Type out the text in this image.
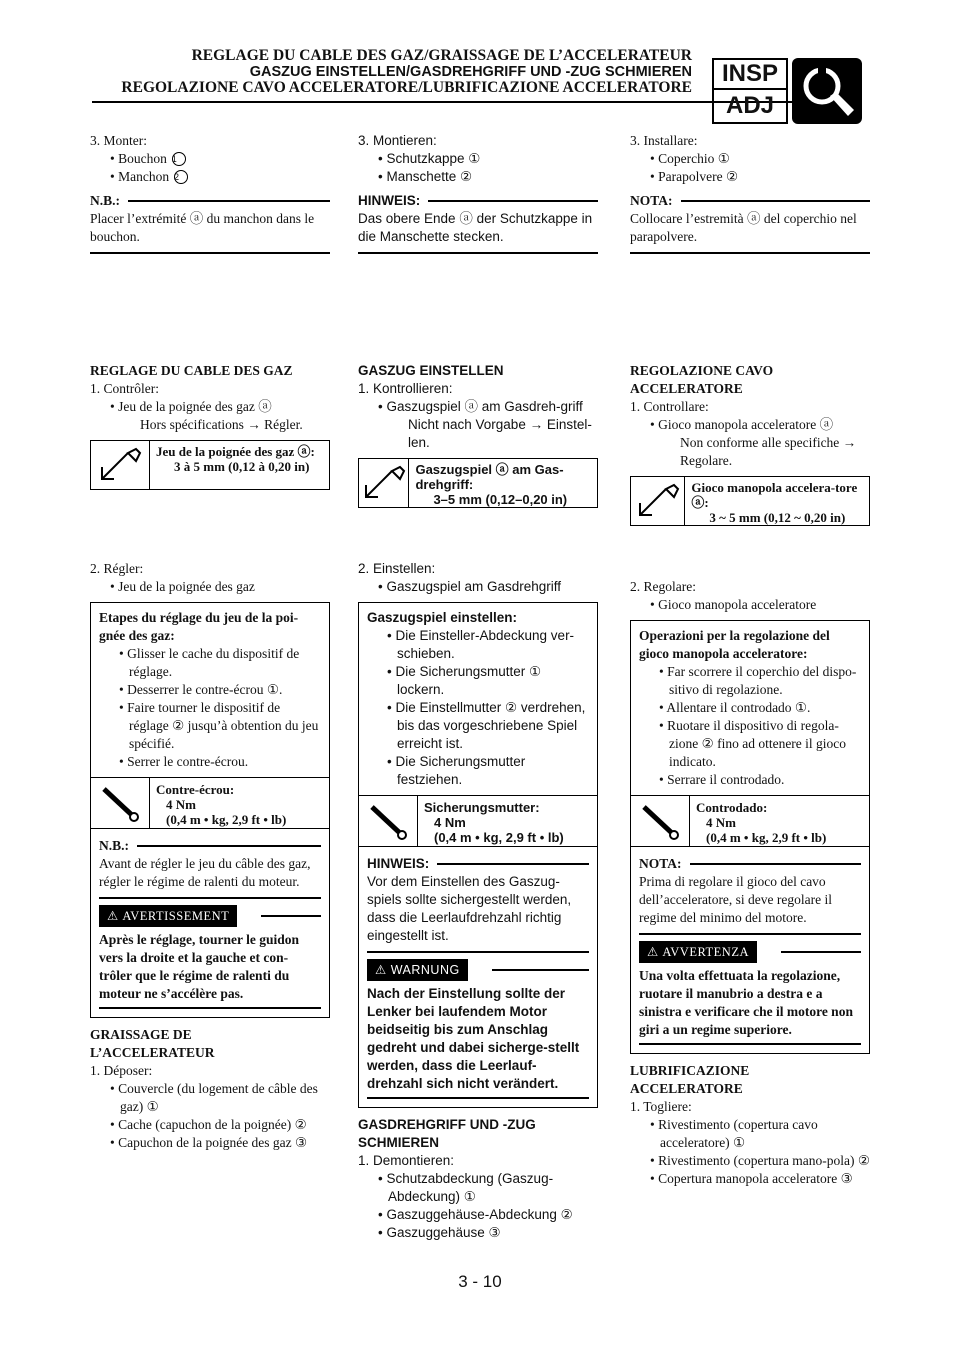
REGLAGE DU CABLE DES GAZ/GRAISSAGE DE L’ACCELERATEUR
GASZUG EINSTELLEN/GASDREHGRIFF UND -ZUG SCHMIEREN
REGOLAZIONE CAVO ACCELERATORE/LUBRIFICAZIONE ACCELERATORE
INSP
ADJ

3. Monter:

• Bouchon 1

• Manchon 2

N.B.:
Placer l’extrémité ⓐ du manchon dans le bouchon.
REGLAGE DU CABLE DES GAZ

1. Contrôler:

• Jeu de la poignée des gaz ⓐ

Hors spécifications → Régler.

Jeu de la poignée des gaz ⓐ:
3 à 5 mm (0,12 à 0,20 in)

2. Régler:

• Jeu de la poignée des gaz

Etapes du réglage du jeu de la poi-gnée des gaz:

• Glisser le cache du dispositif de réglage.

• Desserrer le contre-écrou ①.

• Faire tourner le dispositif de réglage ② jusqu’à obtention du jeu spécifié.

• Serrer le contre-écrou.

Contre-écrou:
4 Nm
(0,4 m • kg, 2,9 ft • lb)
N.B.:
Avant de régler le jeu du câble des gaz, régler le régime de ralenti du moteur.
⚠ AVERTISSEMENT
Après le réglage, tourner le guidon vers la droite et la gauche et con-trôler que le régime de ralenti du moteur ne s’accélère pas.
GRAISSAGE DE
L’ACCELERATEUR

1. Déposer:

• Couvercle (du logement de câble des gaz) ①

• Cache (capuchon de la poignée) ②

• Capuchon de la poignée des gaz ③

3. Montieren:

• Schutzkappe ①

• Manschette ②

HINWEIS:
Das obere Ende ⓐ der Schutzkappe in die Manschette stecken.
GASZUG EINSTELLEN

1. Kontrollieren:

• Gaszugspiel ⓐ am Gasdreh-griff

Nicht nach Vorgabe → Einstel-len.

Gaszugspiel ⓐ am Gas-drehgriff:
3–5 mm (0,12–0,20 in)

2. Einstellen:

• Gaszugspiel am Gasdrehgriff

Gaszugspiel einstellen:

• Die Einsteller-Abdeckung ver-schieben.

• Die Sicherungsmutter ① lockern.

• Die Einstellmutter ② verdrehen, bis das vorgeschriebene Spiel erreicht ist.

• Die Sicherungsmutter festziehen.

Sicherungsmutter:
4 Nm
(0,4 m • kg, 2,9 ft • lb)
HINWEIS:
Vor dem Einstellen des Gaszug-spiels sollte sichergestellt werden, dass die Leerlaufdrehzahl richtig eingestellt ist.
⚠ WARNUNG
Nach der Einstellung sollte der Lenker bei laufendem Motor beidseitig bis zum Anschlag gedreht und dabei sicherge-stellt werden, dass die Leerlauf-drehzahl sich nicht verändert.
GASDREHGRIFF UND -ZUG
SCHMIEREN

1. Demontieren:

• Schutzabdeckung (Gaszug-Abdeckung) ①

• Gaszuggehäuse-Abdeckung ②

• Gaszuggehäuse ③

3. Installare:

• Coperchio ①

• Parapolvere ②

NOTA:
Collocare l’estremità ⓐ del coperchio nel parapolvere.
REGOLAZIONE CAVO
ACCELERATORE

1. Controllare:

• Gioco manopola acceleratore ⓐ

Non conforme alle specifiche → Regolare.

Gioco manopola accelera-tore ⓐ:
3 ~ 5 mm (0,12 ~ 0,20 in)

2. Regolare:

• Gioco manopola acceleratore

Operazioni per la regolazione del gioco manopola acceleratore:

• Far scorrere il coperchio del dispo-sitivo di regolazione.

• Allentare il controdado ①.

• Ruotare il dispositivo di regola-zione ② fino ad ottenere il gioco indicato.

• Serrare il controdado.

Controdado:
4 Nm
(0,4 m • kg, 2,9 ft • lb)
NOTA:
Prima di regolare il gioco del cavo dell’acceleratore, si deve regolare il regime del minimo del motore.
⚠ AVVERTENZA
Una volta effettuata la regolazione, ruotare il manubrio a destra e a sinistra e verificare che il motore non giri a un regime superiore.
LUBRIFICAZIONE
ACCELERATORE

1. Togliere:

• Rivestimento (copertura cavo acceleratore) ①

• Rivestimento (copertura mano-pola) ②

• Copertura manopola acceleratore ③

3 - 10
